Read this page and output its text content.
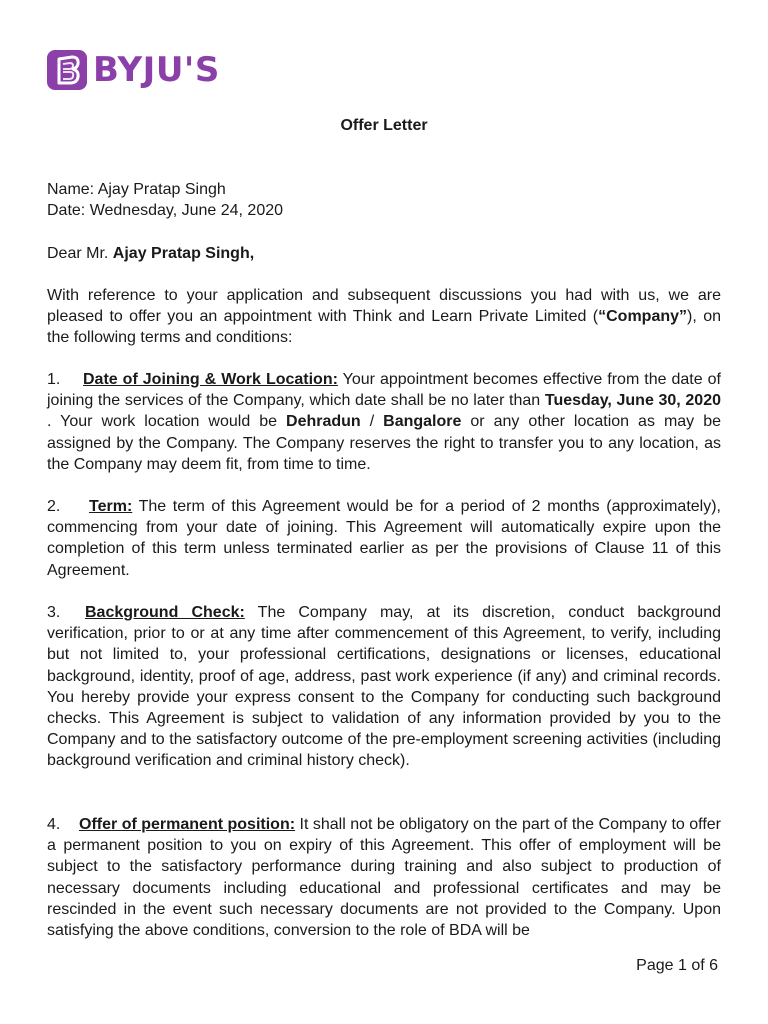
BYJU'S
Offer Letter

Name: Ajay Pratap Singh

Date: Wednesday, June 24, 2020

Dear Mr. Ajay Pratap Singh,

With reference to your application and subsequent discussions you had with us, we are pleased to offer you an appointment with Think and Learn Private Limited (“Company”), on the following terms and conditions:

1. Date of Joining & Work Location: Your appointment becomes effective from the date of joining the services of the Company, which date shall be no later than Tuesday, June 30, 2020 . Your work location would be Dehradun / Bangalore or any other location as may be assigned by the Company. The Company reserves the right to transfer you to any location, as the Company may deem fit, from time to time.

2. Term: The term of this Agreement would be for a period of 2 months (approximately), commencing from your date of joining. This Agreement will automatically expire upon the completion of this term unless terminated earlier as per the provisions of Clause 11 of this Agreement.

3. Background Check: The Company may, at its discretion, conduct background verification, prior to or at any time after commencement of this Agreement, to verify, including but not limited to, your professional certifications, designations or licenses, educational background, identity, proof of age, address, past work experience (if any) and criminal records. You hereby provide your express consent to the Company for conducting such background checks. This Agreement is subject to validation of any information provided by you to the Company and to the satisfactory outcome of the pre-employment screening activities (including background verification and criminal history check).

4. Offer of permanent position: It shall not be obligatory on the part of the Company to offer a permanent position to you on expiry of this Agreement. This offer of employment will be subject to the satisfactory performance during training and also subject to production of necessary documents including educational and professional certificates and may be rescinded in the event such necessary documents are not provided to the Company. Upon satisfying the above conditions, conversion to the role of BDA will be

Page 1 of 6
